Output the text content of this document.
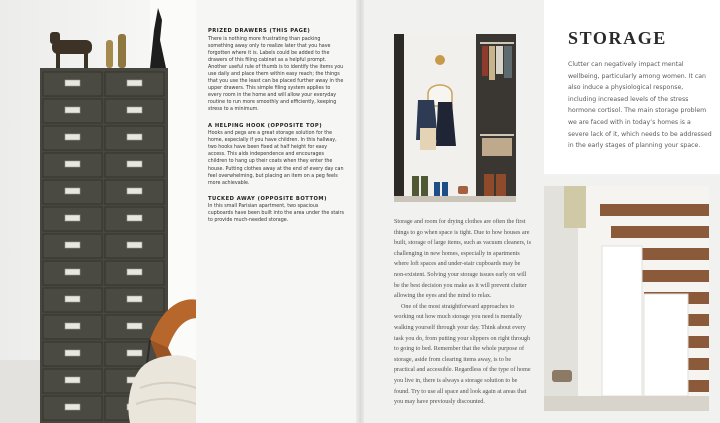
PRIZED DRAWERS (THIS PAGE)

There is nothing more frustrating than packing something away only to realize later that you have forgotten where it is. Labels could be added to the drawers of this filing cabinet as a helpful prompt. Another useful rule of thumb is to identify the items you use daily and place them within easy reach; the things that you use the least can be placed further away in the upper drawers. This simple filing system applies to every room in the home and will allow your everyday routine to run more smoothly and efficiently, keeping stress to a minimum.

A HELPING HOOK (OPPOSITE TOP)

Hooks and pegs are a great storage solution for the home, especially if you have children. In this hallway, two hooks have been fixed at half height for easy access. This aids independence and encourages children to hang up their coats when they enter the house. Putting clothes away at the end of every day can feel overwhelming, but placing an item on a peg feels more achievable.

TUCKED AWAY (OPPOSITE BOTTOM)

In this small Parisian apartment, two spacious cupboards have been built into the area under the stairs to provide much-needed storage.

STORAGE

Clutter can negatively impact mental wellbeing, particularly among women. It can also induce a physiological response, including increased levels of the stress hormone cortisol. The main storage problem we are faced with in today’s homes is a severe lack of it, which needs to be addressed in the early stages of planning your space.

Storage and room for drying clothes are often the first things to go when space is tight. Due to how houses are built, storage of large items, such as vacuum cleaners, is challenging in new homes, especially in apartments where loft spaces and under-stair cupboards may be non-existent. Solving your storage issues early on will be the best decision you make as it will prevent clutter allowing the eyes and the mind to relax.

One of the most straightforward approaches to working out how much storage you need is mentally walking yourself through your day. Think about every task you do, from putting your slippers on right through to going to bed. Remember that the whole purpose of storage, aside from clearing items away, is to be practical and accessible. Regardless of the type of home you live in, there is always a storage solution to be found. Try to use all space and look again at areas that you may have previously discounted.
